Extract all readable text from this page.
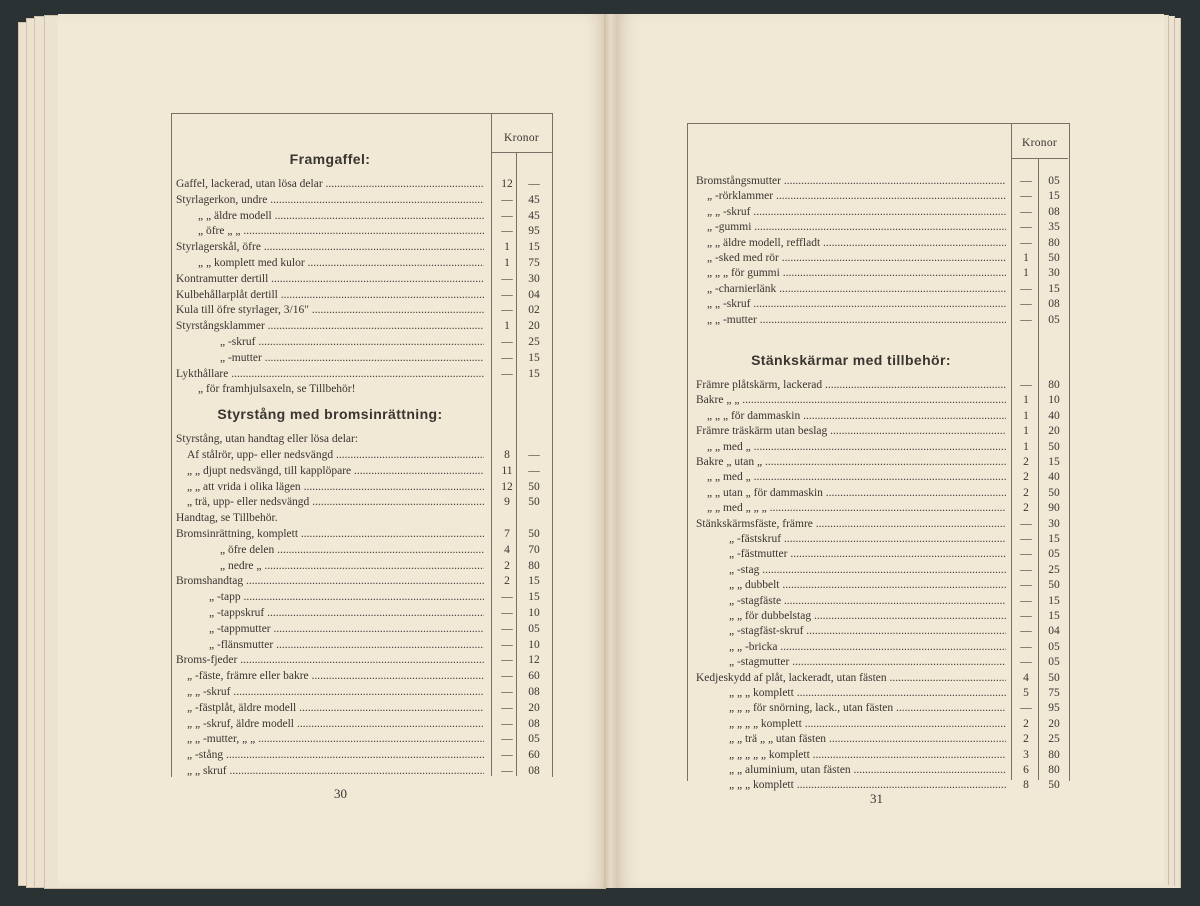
Kronor
Framgaffel:
Gaffel, lackerad, utan lösa delar .....	12	—
Styrlagerkon, undre .....	—	45
„ „ äldre modell .....	—	45
„ öfre „ „ .....	—	95
Styrlagerskål, öfre .....	1	15
„ „ komplett med kulor .....	1	75
Kontramutter dertill .....	—	30
Kulbehållarplåt dertill .....	—	04
Kula till öfre styrlager, 3/16" .....	—	02
Styrstångsklammer .....	1	20
„ -skruf .....	—	25
„ -mutter .....	—	15
Lykthållare .....	—	15
„ för framhjulsaxeln, se Tillbehör!
Styrstång med bromsinrättning:
Styrstång, utan handtag eller lösa delar:
Af stålrör, upp- eller nedsvängd .....	8	—
„ „ djupt nedsvängd, till kapplöpare .....	11	—
„ „ att vrida i olika lägen .....	12	50
„ trä, upp- eller nedsvängd .....	9	50
Handtag, se Tillbehör.
Bromsinrättning, komplett .....	7	50
„ öfre delen .....	4	70
„ nedre „ .....	2	80
Bromshandtag .....	2	15
„ -tapp .....	—	15
„ -tappskruf .....	—	10
„ -tappmutter .....	—	05
„ -flänsmutter .....	—	10
Broms-fjeder .....	—	12
„ -fäste, främre eller bakre .....	—	60
„ „ -skruf .....	—	08
„ -fästplåt, äldre modell .....	—	20
„ „ -skruf, äldre modell .....	—	08
„ „ -mutter, „ „ .....	—	05
„ -stång .....	—	60
„ „ skruf .....	—	08
30
Kronor
Bromstångsmutter .....	—	05
„ -rörklammer .....	—	15
„ „ -skruf .....	—	08
„ -gummi .....	—	35
„ „ äldre modell, reffladt .....	—	80
„ -sked med rör .....	1	50
„ „ „ för gummi .....	1	30
„ -charnierlänk .....	—	15
„ „ -skruf .....	—	08
„ „ -mutter .....	—	05
Stänkskärmar med tillbehör:
Främre plåtskärm, lackerad .....	—	80
Bakre „ „ .....	1	10
„ „ „ för dammaskin .....	1	40
Främre träskärm utan beslag .....	1	20
„ „ med „ .....	1	50
Bakre „ utan „ .....	2	15
„ „ med „ .....	2	40
„ „ utan „ för dammaskin .....	2	50
„ „ med „ „ „ .....	2	90
Stänkskärmsfäste, främre .....	—	30
„ -fästskruf .....	—	15
„ -fästmutter .....	—	05
„ -stag .....	—	25
„ „ dubbelt .....	—	50
„ -stagfäste .....	—	15
„ „ för dubbelstag .....	—	15
„ -stagfäst-skruf .....	—	04
„ „ -bricka .....	—	05
„ -stagmutter .....	—	05
Kedjeskydd af plåt, lackeradt, utan fästen .....	4	50
„ „ „ komplett .....	5	75
„ „ „ för snörning, lack., utan fästen .....	—	95
„ „ „ „ komplett .....	2	20
„ „ trä „ „ utan fästen .....	2	25
„ „ „ „ „ komplett .....	3	80
„ „ aluminium, utan fästen .....	6	80
„ „ „ komplett .....	8	50
31
